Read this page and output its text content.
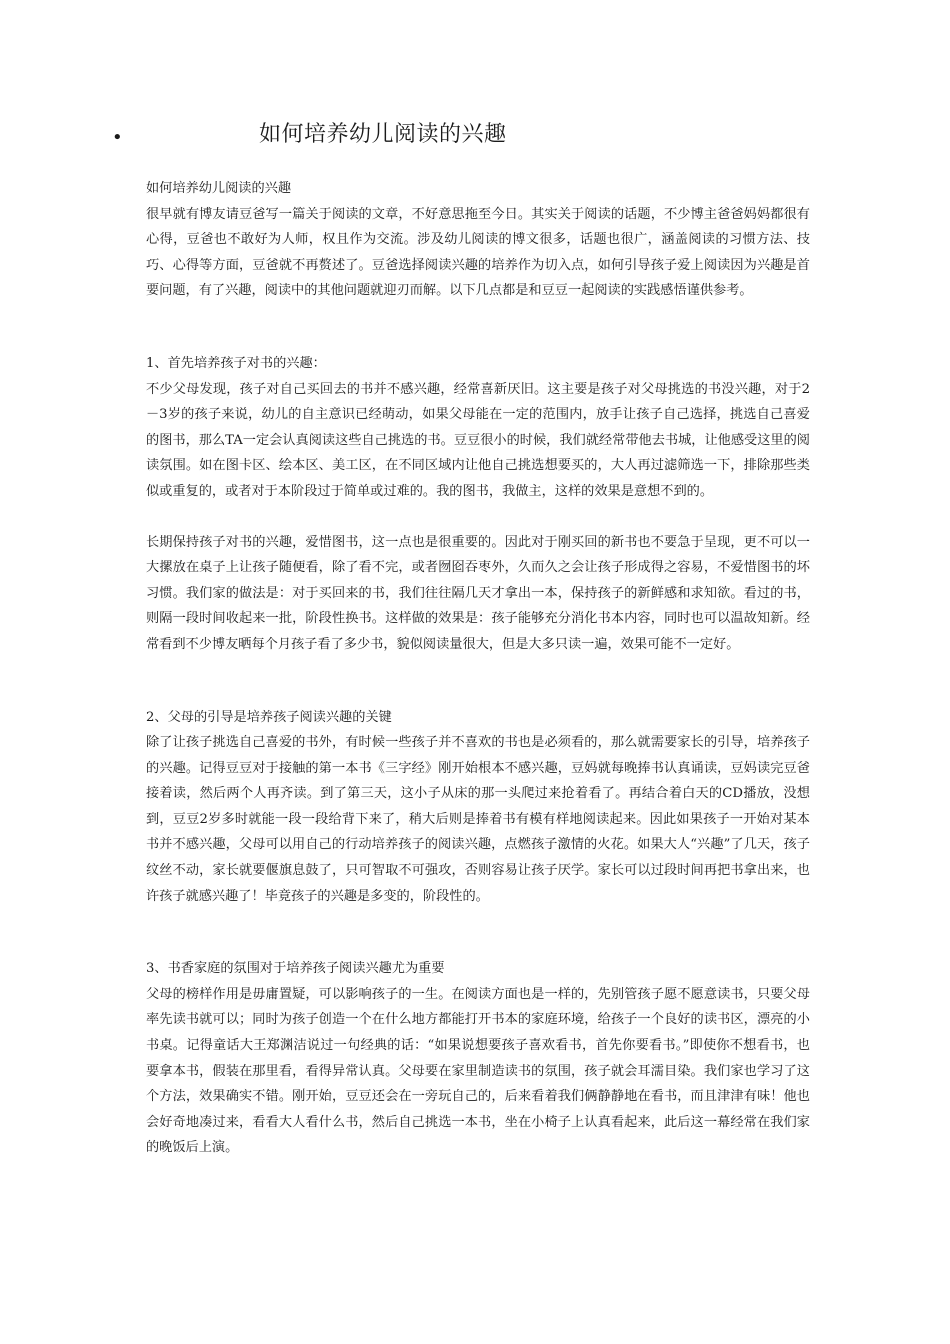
•	如何培养幼儿阅读的兴趣

如何培养幼儿阅读的兴趣

很早就有博友请豆爸写一篇关于阅读的文章，不好意思拖至今日。其实关于阅读的话题，不少博主爸爸妈妈都很有心得，豆爸也不敢好为人师，权且作为交流。涉及幼儿阅读的博文很多，话题也很广，涵盖阅读的习惯方法、技巧、心得等方面，豆爸就不再赘述了。豆爸选择阅读兴趣的培养作为切入点，如何引导孩子爱上阅读因为兴趣是首要问题，有了兴趣，阅读中的其他问题就迎刃而解。以下几点都是和豆豆一起阅读的实践感悟谨供参考。

1、首先培养孩子对书的兴趣：

不少父母发现，孩子对自己买回去的书并不感兴趣，经常喜新厌旧。这主要是孩子对父母挑选的书没兴趣，对于2－3岁的孩子来说，幼儿的自主意识已经萌动，如果父母能在一定的范围内，放手让孩子自己选择，挑选自己喜爱的图书，那么TA一定会认真阅读这些自己挑选的书。豆豆很小的时候，我们就经常带他去书城，让他感受这里的阅读氛围。如在图卡区、绘本区、美工区，在不同区域内让他自己挑选想要买的，大人再过滤筛选一下，排除那些类似或重复的，或者对于本阶段过于简单或过难的。我的图书，我做主，这样的效果是意想不到的。

长期保持孩子对书的兴趣，爱惜图书，这一点也是很重要的。因此对于刚买回的新书也不要急于呈现，更不可以一大摞放在桌子上让孩子随便看，除了看不完，或者囫囵吞枣外，久而久之会让孩子形成得之容易，不爱惜图书的坏习惯。我们家的做法是：对于买回来的书，我们往往隔几天才拿出一本，保持孩子的新鲜感和求知欲。看过的书，则隔一段时间收起来一批，阶段性换书。这样做的效果是：孩子能够充分消化书本内容，同时也可以温故知新。经常看到不少博友晒每个月孩子看了多少书，貌似阅读量很大，但是大多只读一遍，效果可能不一定好。

2、父母的引导是培养孩子阅读兴趣的关键

除了让孩子挑选自己喜爱的书外，有时候一些孩子并不喜欢的书也是必须看的，那么就需要家长的引导，培养孩子的兴趣。记得豆豆对于接触的第一本书《三字经》刚开始根本不感兴趣，豆妈就每晚捧书认真诵读，豆妈读完豆爸接着读，然后两个人再齐读。到了第三天，这小子从床的那一头爬过来抢着看了。再结合着白天的CD播放，没想到，豆豆2岁多时就能一段一段给背下来了，稍大后则是捧着书有模有样地阅读起来。因此如果孩子一开始对某本书并不感兴趣，父母可以用自己的行动培养孩子的阅读兴趣，点燃孩子激情的火花。如果大人“兴趣”了几天，孩子纹丝不动，家长就要偃旗息鼓了，只可智取不可强攻，否则容易让孩子厌学。家长可以过段时间再把书拿出来，也许孩子就感兴趣了！毕竟孩子的兴趣是多变的，阶段性的。

3、书香家庭的氛围对于培养孩子阅读兴趣尤为重要

父母的榜样作用是毋庸置疑，可以影响孩子的一生。在阅读方面也是一样的，先别管孩子愿不愿意读书，只要父母率先读书就可以；同时为孩子创造一个在什么地方都能打开书本的家庭环境，给孩子一个良好的读书区，漂亮的小书桌。记得童话大王郑渊洁说过一句经典的话：“如果说想要孩子喜欢看书，首先你要看书。”即使你不想看书，也要拿本书，假装在那里看，看得异常认真。父母要在家里制造读书的氛围，孩子就会耳濡目染。我们家也学习了这个方法，效果确实不错。刚开始，豆豆还会在一旁玩自己的，后来看着我们俩静静地在看书，而且津津有味！他也会好奇地凑过来，看看大人看什么书，然后自己挑选一本书，坐在小椅子上认真看起来，此后这一幕经常在我们家的晚饭后上演。
